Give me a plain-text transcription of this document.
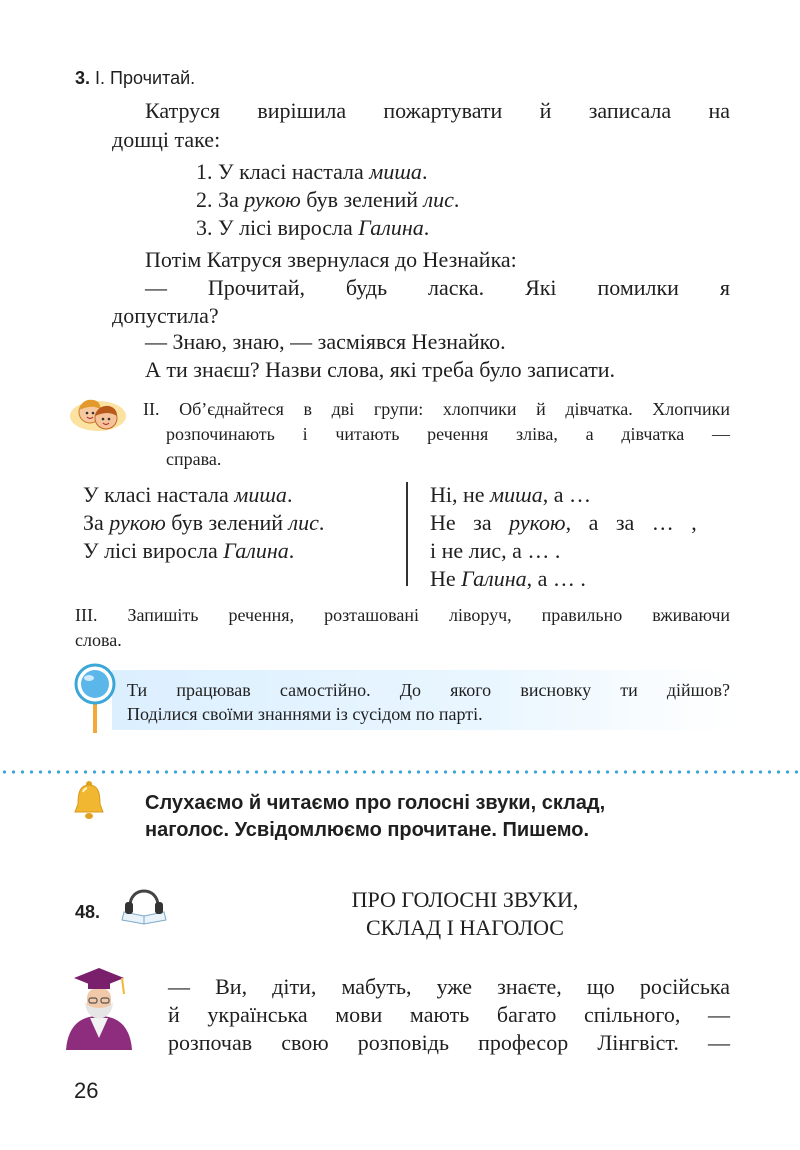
3. І. Прочитай.
Катруся вирішила пожартувати й записала на
дошці таке:
1. У класі настала миша.
2. За рукою був зелений лис.
3. У лісі виросла Галина.
Потім Катруся звернулася до Незнайка:
— Прочитай, будь ласка. Які помилки я
допустила?
— Знаю, знаю, — засміявся Незнайко.
А ти знаєш? Назви слова, які треба було записати.
ІІ. Об’єднайтеся в дві групи: хлопчики й дівчатка. Хлопчики
розпочинають і читають речення зліва, а дівчатка —
справа.
У класі настала миша.
За рукою був зелений лис.
У лісі виросла Галина.
Ні, не миша, а …
Не за рукою, а за … ,
і не лис, а … .
Не Галина, а … .
ІІІ. Запишіть речення, розташовані ліворуч, правильно вживаючи
слова.
Ти працював самостійно. До якого висновку ти дійшов?
Поділися своїми знаннями із сусідом по парті.
Слухаємо й читаємо про голосні звуки, склад,
наголос. Усвідомлюємо прочитане. Пишемо.
48.	ПРО ГОЛОСНІ ЗВУКИ,
СКЛАД І НАГОЛОС
— Ви, діти, мабуть, уже знаєте, що російська
й українська мови мають багато спільного, —
розпочав свою розповідь професор Лінгвіст. —
26
